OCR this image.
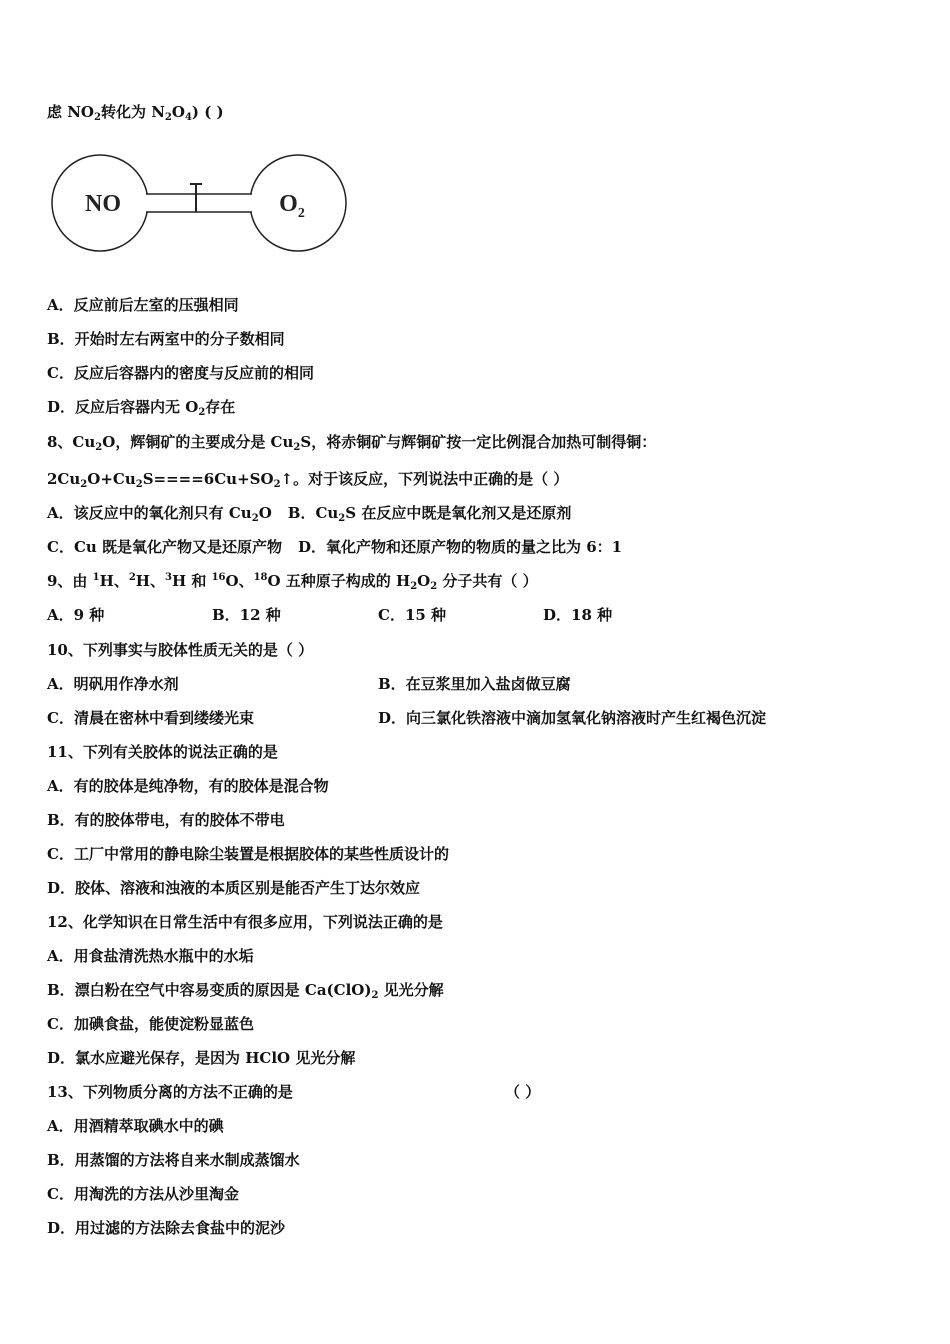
虑 $NO_2$转化为 $N_2O_4$) ( )
NO	$O_2$
A．反应前后左室的压强相同
B．开始时左右两室中的分子数相同
C．反应后容器内的密度与反应前的相同
D．反应后容器内无 $O_2$存在
8、$Cu_2O$，辉铜矿的主要成分是 $Cu_2S$，将赤铜矿与辉铜矿按一定比例混合加热可制得铜：
$2Cu_2O+Cu_2S====6Cu+SO_2↑$。对于该反应，下列说法中正确的是（ ）
A．该反应中的氧化剂只有 $Cu_2O$ B．$Cu_2S$ 在反应中既是氧化剂又是还原剂
C．Cu 既是氧化产物又是还原产物 D．氧化产物和还原产物的物质的量之比为 6：1
9、由 $^1$H、$^2$H、$^3$H 和 $^{16}$O、$^{18}$O 五种原子构成的 $H_2O_2$ 分子共有（ ）
A．9 种	B．12 种	C．15 种	D．18 种
10、下列事实与胶体性质无关的是（ ）
A．明矾用作净水剂	B．在豆浆里加入盐卤做豆腐
C．清晨在密林中看到缕缕光束	D．向三氯化铁溶液中滴加氢氧化钠溶液时产生红褐色沉淀
11、下列有关胶体的说法正确的是
A．有的胶体是纯净物，有的胶体是混合物
B．有的胶体带电，有的胶体不带电
C．工厂中常用的静电除尘装置是根据胶体的某些性质设计的
D．胶体、溶液和浊液的本质区别是能否产生丁达尔效应
12、化学知识在日常生活中有很多应用，下列说法正确的是
A．用食盐清洗热水瓶中的水垢
B．漂白粉在空气中容易变质的原因是 $Ca(ClO)_2$ 见光分解
C．加碘食盐，能使淀粉显蓝色
D．氯水应避光保存，是因为 HClO 见光分解
13、下列物质分离的方法不正确的是	（ ）
A．用酒精萃取碘水中的碘
B．用蒸馏的方法将自来水制成蒸馏水
C．用淘洗的方法从沙里淘金
D．用过滤的方法除去食盐中的泥沙
